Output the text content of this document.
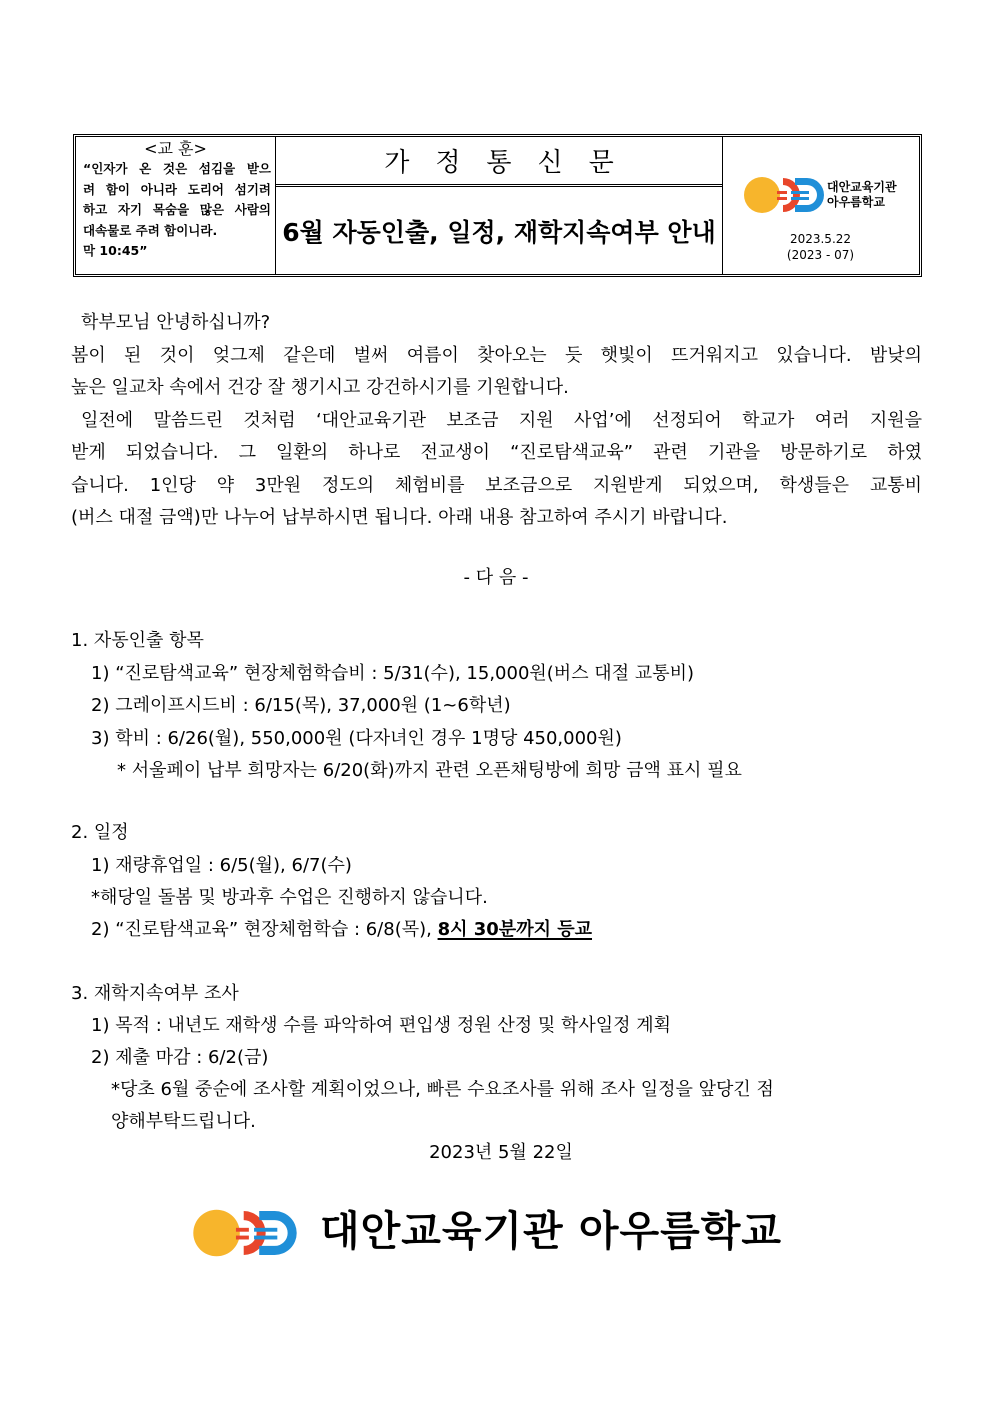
<교 훈>
“인자가 온 것은 섬김을 받으
려 함이 아니라 도리어 섬기려
하고 자기 목숨을 많은 사람의
대속물로 주려 함이니라.
막 10:45”
가정통신문
6월 자동인출, 일정, 재학지속여부 안내
대안교육기관
아우름학교
2023.5.22
(2023 - 07)
학부모님 안녕하십니까?
봄이 된 것이 엊그제 같은데 벌써 여름이 찾아오는 듯 햇빛이 뜨거워지고 있습니다. 밤낮의
높은 일교차 속에서 건강 잘 챙기시고 강건하시기를 기원합니다.
일전에 말씀드린 것처럼 ‘대안교육기관 보조금 지원 사업’에 선정되어 학교가 여러 지원을
받게 되었습니다. 그 일환의 하나로 전교생이 “진로탐색교육” 관련 기관을 방문하기로 하였
습니다. 1인당 약 3만원 정도의 체험비를 보조금으로 지원받게 되었으며, 학생들은 교통비
(버스 대절 금액)만 나누어 납부하시면 됩니다. 아래 내용 참고하여 주시기 바랍니다.
- 다 음 -
1. 자동인출 항목
1) “진로탐색교육” 현장체험학습비 : 5/31(수), 15,000원(버스 대절 교통비)
2) 그레이프시드비 : 6/15(목), 37,000원 (1~6학년)
3) 학비 : 6/26(월), 550,000원 (다자녀인 경우 1명당 450,000원)
* 서울페이 납부 희망자는 6/20(화)까지 관련 오픈채팅방에 희망 금액 표시 필요
2. 일정
1) 재량휴업일 : 6/5(월), 6/7(수)
*해당일 돌봄 및 방과후 수업은 진행하지 않습니다.
2) “진로탐색교육” 현장체험학습 : 6/8(목), 8시 30분까지 등교
3. 재학지속여부 조사
1) 목적 : 내년도 재학생 수를 파악하여 편입생 정원 산정 및 학사일정 계획
2) 제출 마감 : 6/2(금)
*당초 6월 중순에 조사할 계획이었으나, 빠른 수요조사를 위해 조사 일정을 앞당긴 점
양해부탁드립니다.
2023년 5월 22일
대안교육기관 아우름학교
